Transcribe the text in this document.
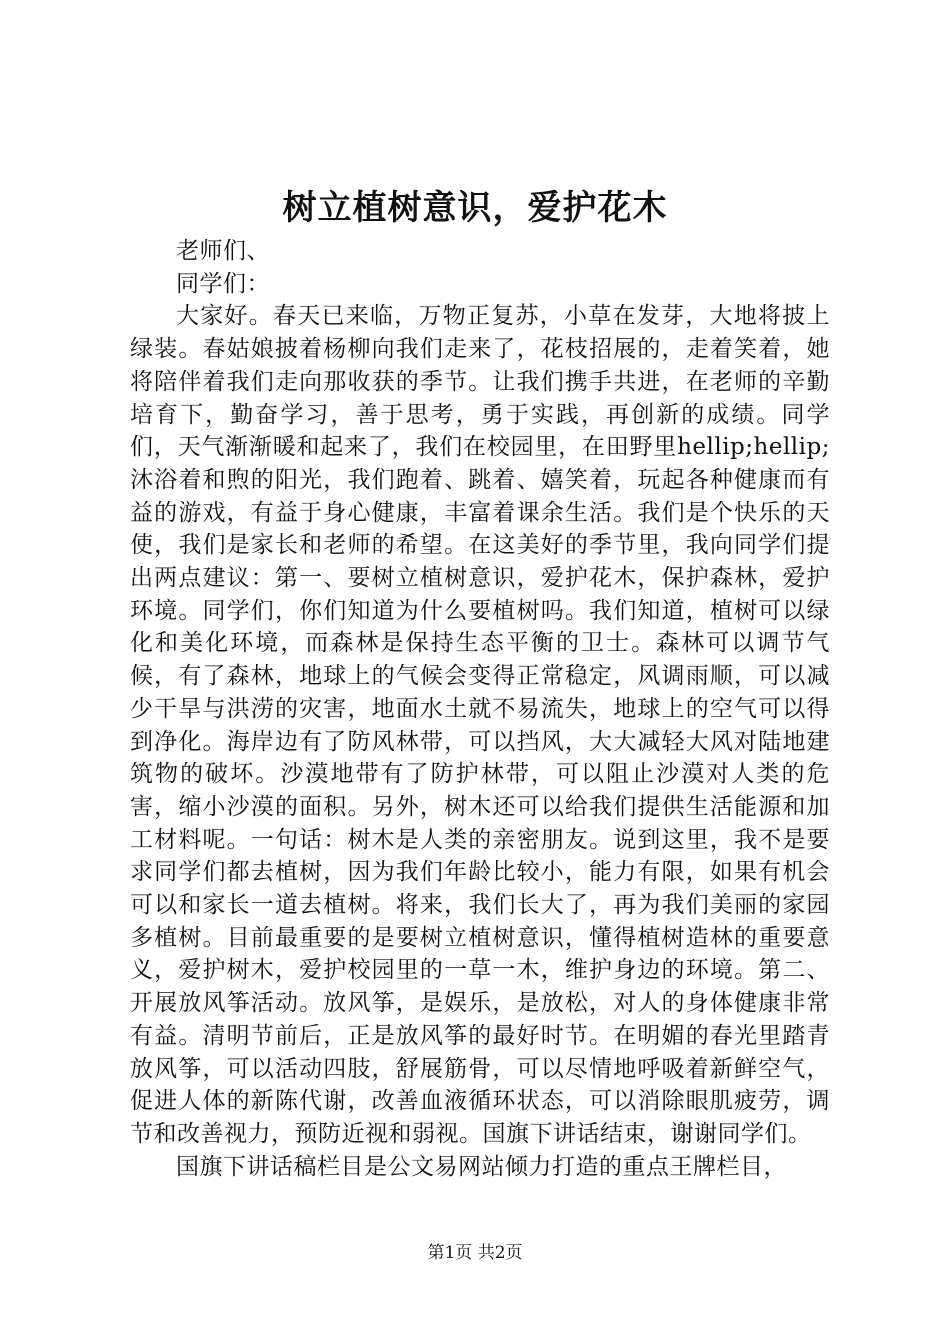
树立植树意识，爱护花木

老师们、

同学们：

大家好。春天已来临，万物正复苏，小草在发芽，大地将披上绿装。春姑娘披着杨柳向我们走来了，花枝招展的，走着笑着，她将陪伴着我们走向那收获的季节。让我们携手共进，在老师的辛勤培育下，勤奋学习，善于思考，勇于实践，再创新的成绩。同学们，天气渐渐暖和起来了，我们在校园里，在田野里hellip;hellip;沐浴着和煦的阳光，我们跑着、跳着、嬉笑着，玩起各种健康而有益的游戏，有益于身心健康，丰富着课余生活。我们是个快乐的天使，我们是家长和老师的希望。在这美好的季节里，我向同学们提出两点建议：第一、要树立植树意识，爱护花木，保护森林，爱护环境。同学们，你们知道为什么要植树吗。我们知道，植树可以绿化和美化环境，而森林是保持生态平衡的卫士。森林可以调节气候，有了森林，地球上的气候会变得正常稳定，风调雨顺，可以减少干旱与洪涝的灾害，地面水土就不易流失，地球上的空气可以得到净化。海岸边有了防风林带，可以挡风，大大减轻大风对陆地建筑物的破坏。沙漠地带有了防护林带，可以阻止沙漠对人类的危害，缩小沙漠的面积。另外，树木还可以给我们提供生活能源和加工材料呢。一句话：树木是人类的亲密朋友。说到这里，我不是要求同学们都去植树，因为我们年龄比较小，能力有限，如果有机会可以和家长一道去植树。将来，我们长大了，再为我们美丽的家园多植树。目前最重要的是要树立植树意识，懂得植树造林的重要意义，爱护树木，爱护校园里的一草一木，维护身边的环境。第二、开展放风筝活动。放风筝，是娱乐，是放松，对人的身体健康非常有益。清明节前后，正是放风筝的最好时节。在明媚的春光里踏青放风筝，可以活动四肢，舒展筋骨，可以尽情地呼吸着新鲜空气，促进人体的新陈代谢，改善血液循环状态，可以消除眼肌疲劳，调节和改善视力，预防近视和弱视。国旗下讲话结束，谢谢同学们。

国旗下讲话稿栏目是公文易网站倾力打造的重点王牌栏目，

第1页 共2页
